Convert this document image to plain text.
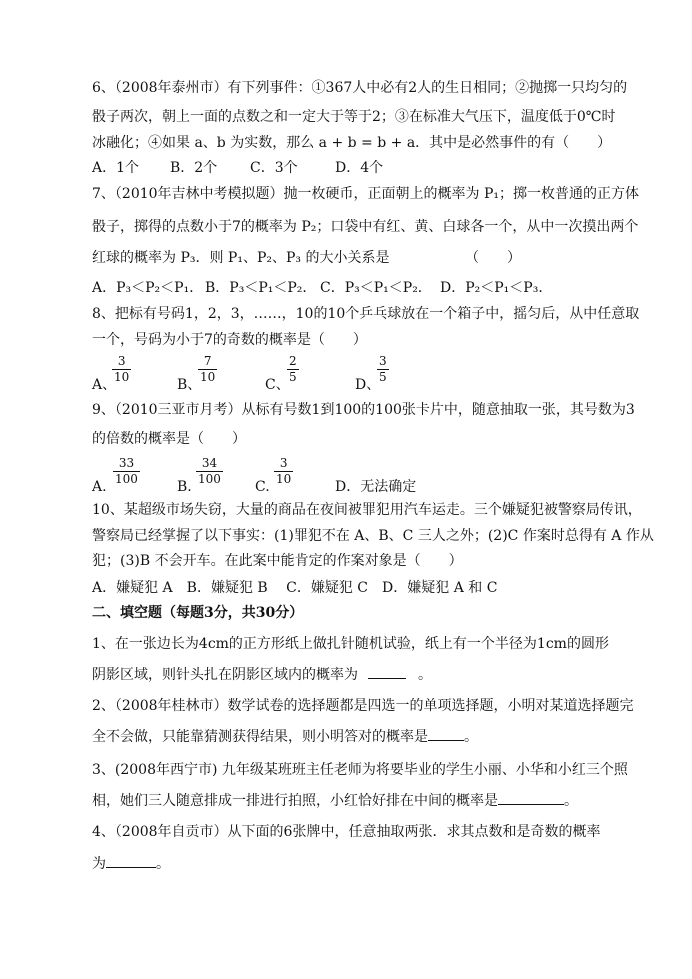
6、（2008年泰州市）有下列事件：①367人中必有2人的生日相同；②抛掷一只均匀的
骰子两次，朝上一面的点数之和一定大于等于2；③在标准大气压下，温度低于0℃时
冰融化；④如果 a、b 为实数，那么 a + b = b + a．其中是必然事件的有（　　）
A．1个 B．2个 C．3个	D．4个
7、（2010年吉林中考模拟题）抛一枚硬币，正面朝上的概率为 P₁；掷一枚普通的正方体
骰子，掷得的点数小于7的概率为 P₂；口袋中有红、黄、白球各一个，从中一次摸出两个
红球的概率为 P₃．则 P₁、P₂、P₃ 的大小关系是	（　　）
A．P₃＜P₂＜P₁． B．P₃＜P₁＜P₂． C．P₃＜P₁＜P₂． D．P₂＜P₁＜P₃．
8、把标有号码1，2，3，……，10的10个乒乓球放在一个箱子中，摇匀后，从中任意取
一个，号码为小于7的奇数的概率是（　　）
A、
3
10	B、
7
10	C、
2
5	D、
3
5
9、（2010三亚市月考）从标有号数1到100的100张卡片中，随意抽取一张，其号数为3
的倍数的概率是（　　）
A.
33
100	B.
34
100 C.
3
10	D．无法确定
10、某超级市场失窃，大量的商品在夜间被罪犯用汽车运走。三个嫌疑犯被警察局传讯，
警察局已经掌握了以下事实：(1)罪犯不在 A、B、C 三人之外；(2)C 作案时总得有 A 作从
犯；(3)B 不会开车。在此案中能肯定的作案对象是（　　）
A．嫌疑犯 A　B．嫌疑犯 B　 C．嫌疑犯 C　D．嫌疑犯 A 和 C
二、填空题（每题3分，共30分）
1、在一张边长为4cm的正方形纸上做扎针随机试验，纸上有一个半径为1cm的圆形
阴影区域，则针头扎在阴影区域内的概率为	。
2、（2008年桂林市）数学试卷的选择题都是四选一的单项选择题，小明对某道选择题完
全不会做，只能靠猜测获得结果，则小明答对的概率是	。
3、(2008年西宁市) 九年级某班班主任老师为将要毕业的学生小丽、小华和小红三个照
相，她们三人随意排成一排进行拍照，小红恰好排在中间的概率是	。
4、（2008年自贡市）从下面的6张牌中，任意抽取两张．求其点数和是奇数的概率
为	。
